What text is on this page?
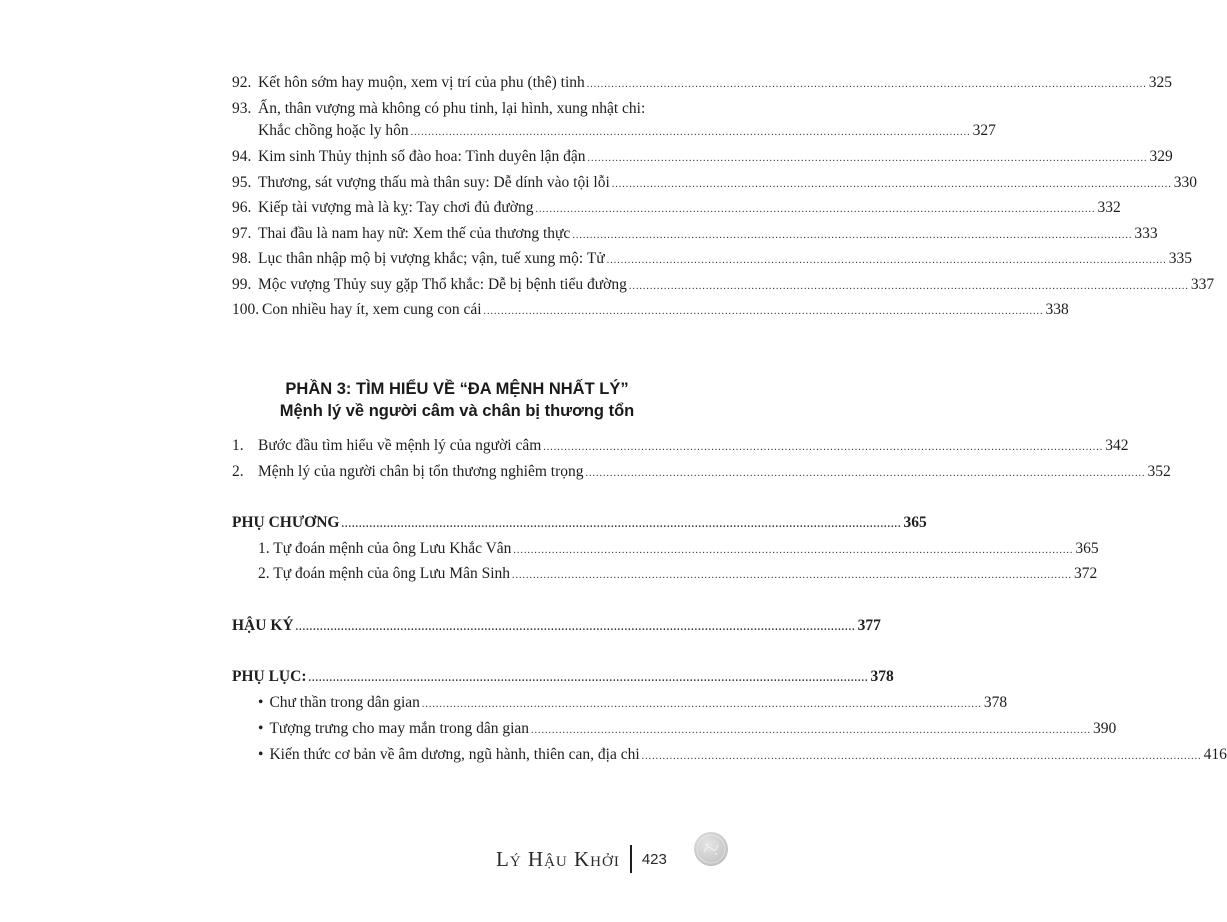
92. Kết hôn sớm hay muộn, xem vị trí của phu (thê) tinh ................................................................................................................................................................ 325
93. Ấn, thân vượng mà không có phu tinh, lại hình, xung nhật chi:
Khắc chồng hoặc ly hôn ................................................................................................................................................................ 327
94. Kim sinh Thủy thịnh số đào hoa: Tình duyên lận đận ................................................................................................................................................................ 329
95. Thương, sát vượng thấu mà thân suy: Dễ dính vào tội lỗi ................................................................................................................................................................ 330
96. Kiếp tài vượng mà là kỵ: Tay chơi đủ đường ................................................................................................................................................................ 332
97. Thai đầu là nam hay nữ: Xem thế của thương thực ................................................................................................................................................................ 333
98. Lục thân nhập mộ bị vượng khắc; vận, tuế xung mộ: Tử ................................................................................................................................................................ 335
99. Mộc vượng Thủy suy gặp Thổ khắc: Dễ bị bệnh tiểu đường ................................................................................................................................................................ 337
100. Con nhiều hay ít, xem cung con cái ................................................................................................................................................................ 338
PHẦN 3: TÌM HIỂU VỀ “ĐA MỆNH NHẤT LÝ”
Mệnh lý về người câm và chân bị thương tổn
1. Bước đầu tìm hiểu về mệnh lý của người câm ................................................................................................................................................................ 342
2. Mệnh lý của người chân bị tổn thương nghiêm trọng ................................................................................................................................................................ 352
PHỤ CHƯƠNG ................................................................................................................................................................ 365
1. Tự đoán mệnh của ông Lưu Khắc Vân ................................................................................................................................................................ 365
2. Tự đoán mệnh của ông Lưu Mân Sinh ................................................................................................................................................................ 372
HẬU KÝ ................................................................................................................................................................ 377
PHỤ LỤC: ................................................................................................................................................................ 378
• Chư thần trong dân gian ................................................................................................................................................................ 378
• Tượng trưng cho may mắn trong dân gian ................................................................................................................................................................ 390
• Kiến thức cơ bản về âm dương, ngũ hành, thiên can, địa chi ................................................................................................................................................................ 416
Lý Hậu Khởi 423
